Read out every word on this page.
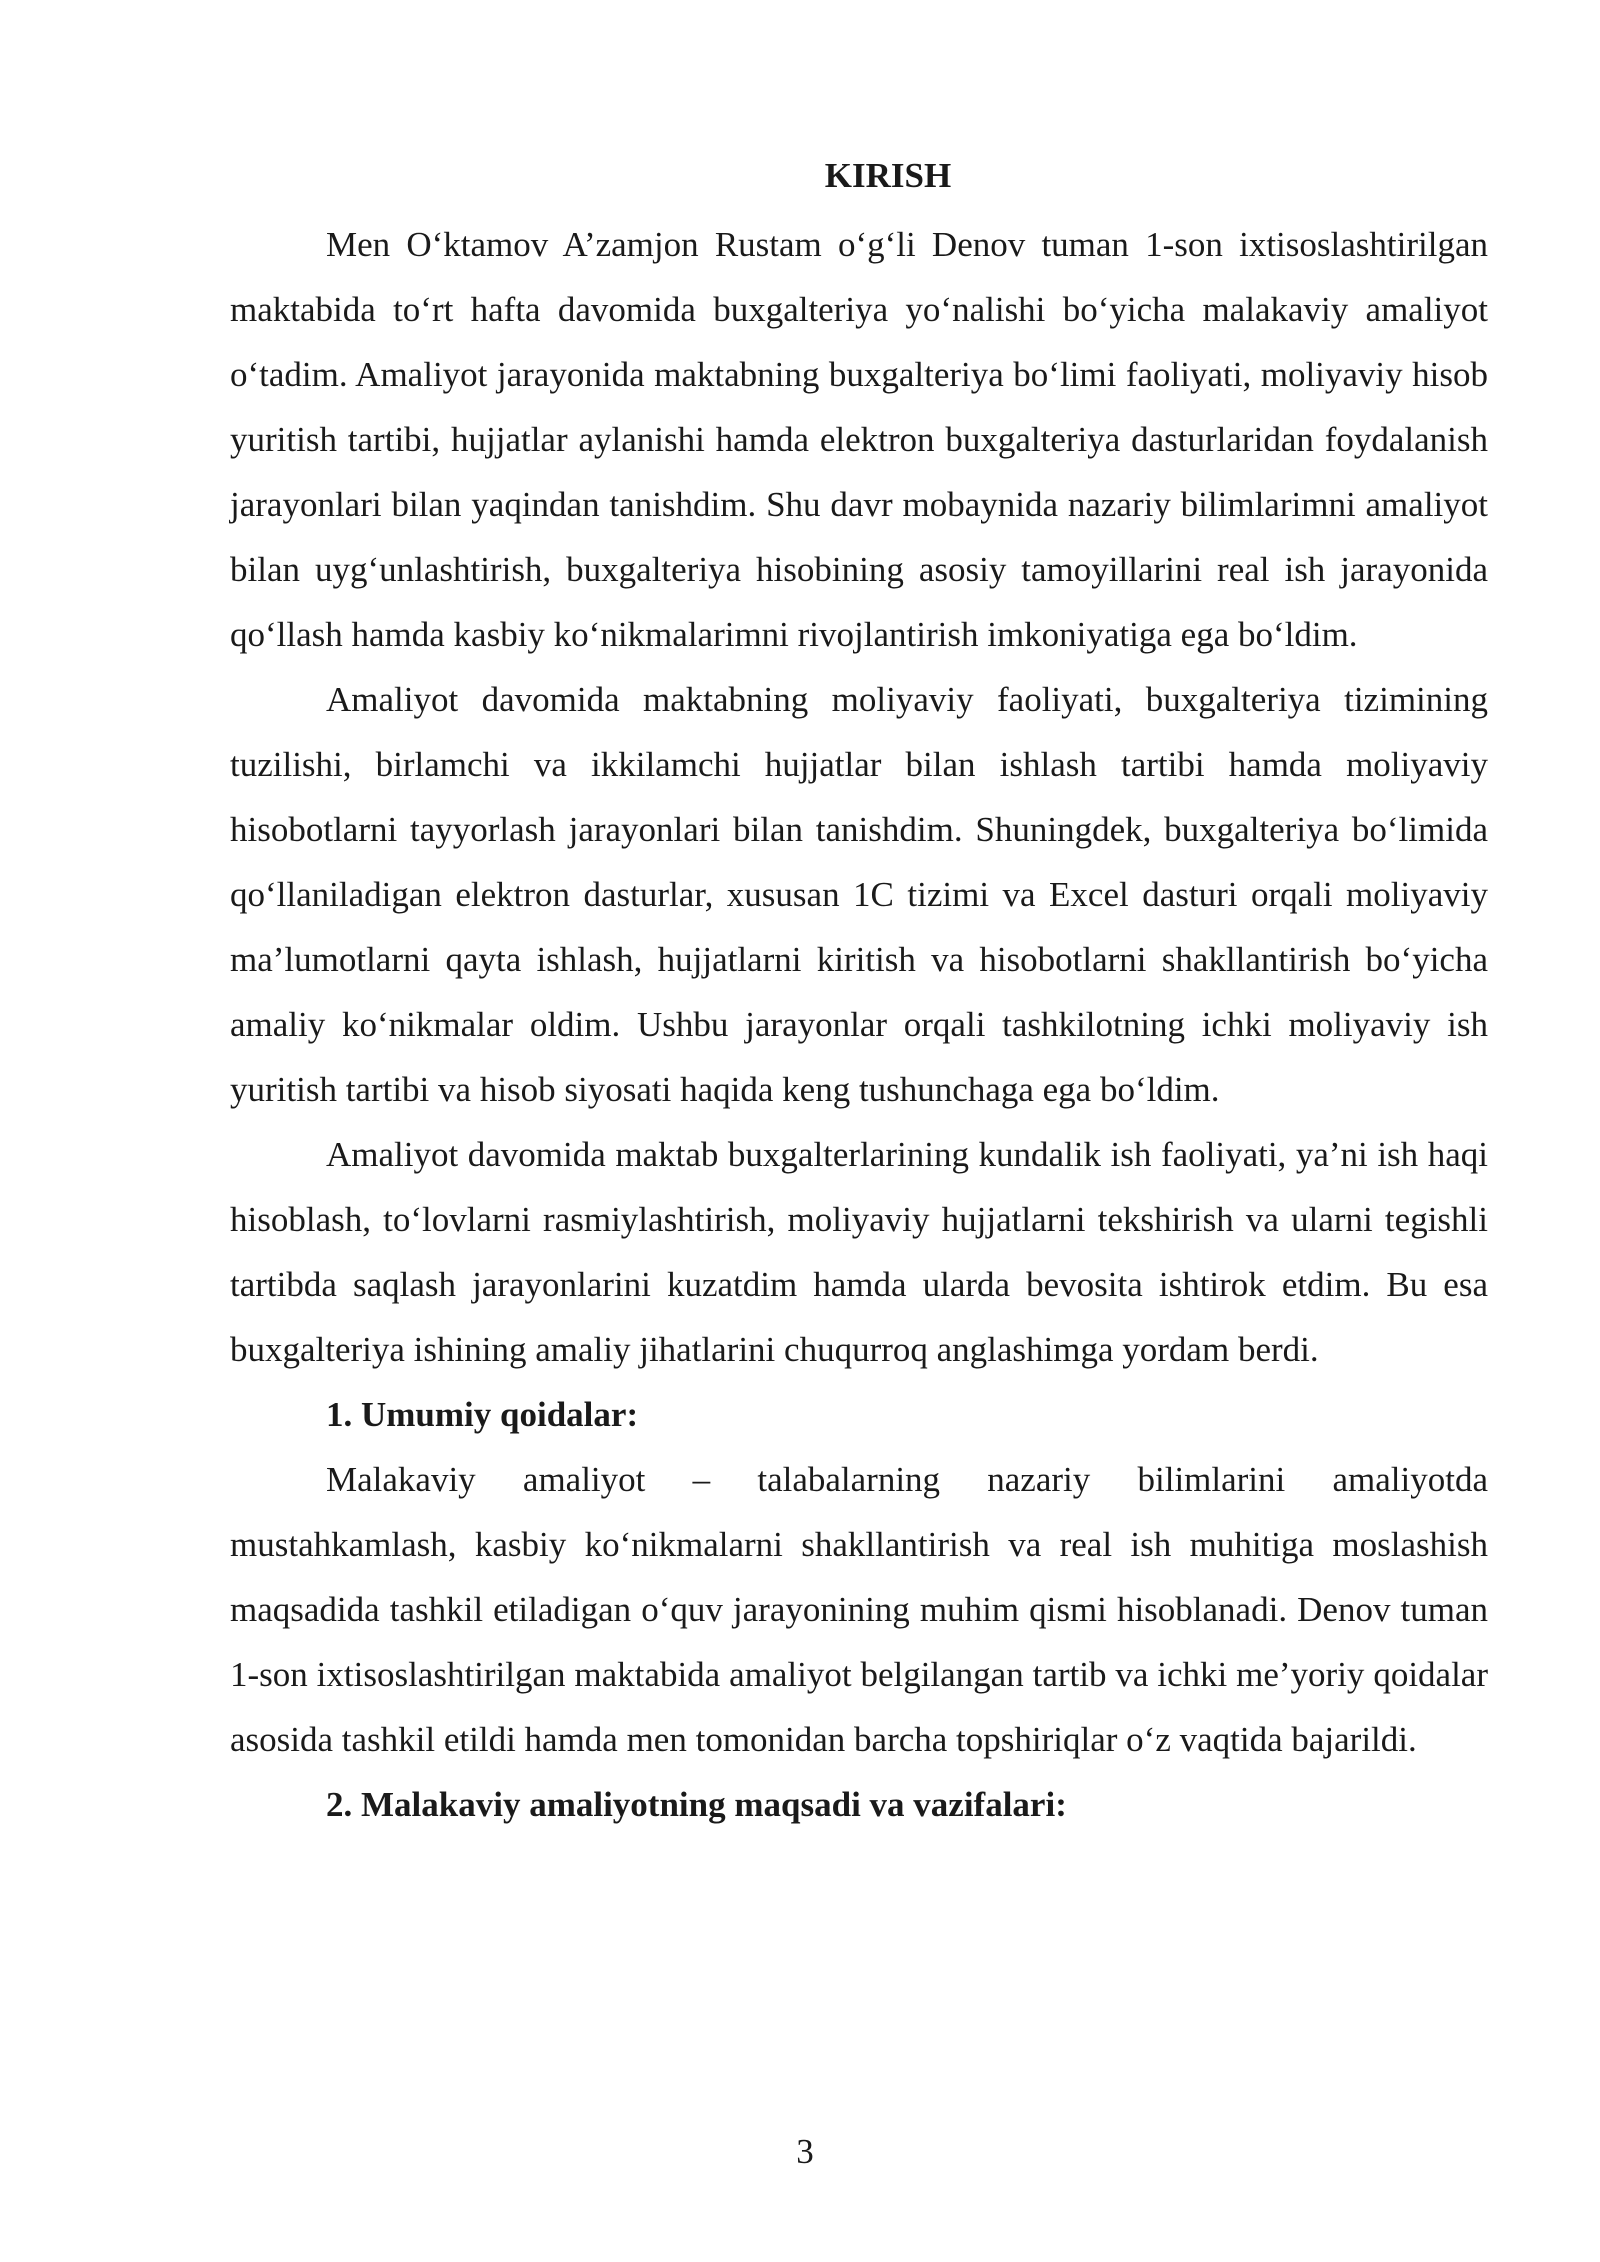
KIRISH

Men O‘ktamov A’zamjon Rustam o‘g‘li Denov tuman 1-son ixtisoslashtirilgan maktabida to‘rt hafta davomida buxgalteriya yo‘nalishi bo‘yicha malakaviy amaliyot o‘tadim. Amaliyot jarayonida maktabning buxgalteriya bo‘limi faoliyati, moliyaviy hisob yuritish tartibi, hujjatlar aylanishi hamda elektron buxgalteriya dasturlaridan foydalanish jarayonlari bilan yaqindan tanishdim. Shu davr mobaynida nazariy bilimlarimni amaliyot bilan uyg‘unlashtirish, buxgalteriya hisobining asosiy tamoyillarini real ish jarayonida qo‘llash hamda kasbiy ko‘nikmalarimni rivojlantirish imkoniyatiga ega bo‘ldim.

Amaliyot davomida maktabning moliyaviy faoliyati, buxgalteriya tizimining tuzilishi, birlamchi va ikkilamchi hujjatlar bilan ishlash tartibi hamda moliyaviy hisobotlarni tayyorlash jarayonlari bilan tanishdim. Shuningdek, buxgalteriya bo‘limida qo‘llaniladigan elektron dasturlar, xususan 1C tizimi va Excel dasturi orqali moliyaviy ma’lumotlarni qayta ishlash, hujjatlarni kiritish va hisobotlarni shakllantirish bo‘yicha amaliy ko‘nikmalar oldim. Ushbu jarayonlar orqali tashkilotning ichki moliyaviy ish yuritish tartibi va hisob siyosati haqida keng tushunchaga ega bo‘ldim.

Amaliyot davomida maktab buxgalterlarining kundalik ish faoliyati, ya’ni ish haqi hisoblash, to‘lovlarni rasmiylashtirish, moliyaviy hujjatlarni tekshirish va ularni tegishli tartibda saqlash jarayonlarini kuzatdim hamda ularda bevosita ishtirok etdim. Bu esa buxgalteriya ishining amaliy jihatlarini chuqurroq anglashimga yordam berdi.

1. Umumiy qoidalar:

Malakaviy amaliyot – talabalarning nazariy bilimlarini amaliyotda mustahkamlash, kasbiy ko‘nikmalarni shakllantirish va real ish muhitiga moslashish maqsadida tashkil etiladigan o‘quv jarayonining muhim qismi hisoblanadi. Denov tuman 1-son ixtisoslashtirilgan maktabida amaliyot belgilangan tartib va ichki me’yoriy qoidalar asosida tashkil etildi hamda men tomonidan barcha topshiriqlar o‘z vaqtida bajarildi.

2. Malakaviy amaliyotning maqsadi va vazifalari:

3
